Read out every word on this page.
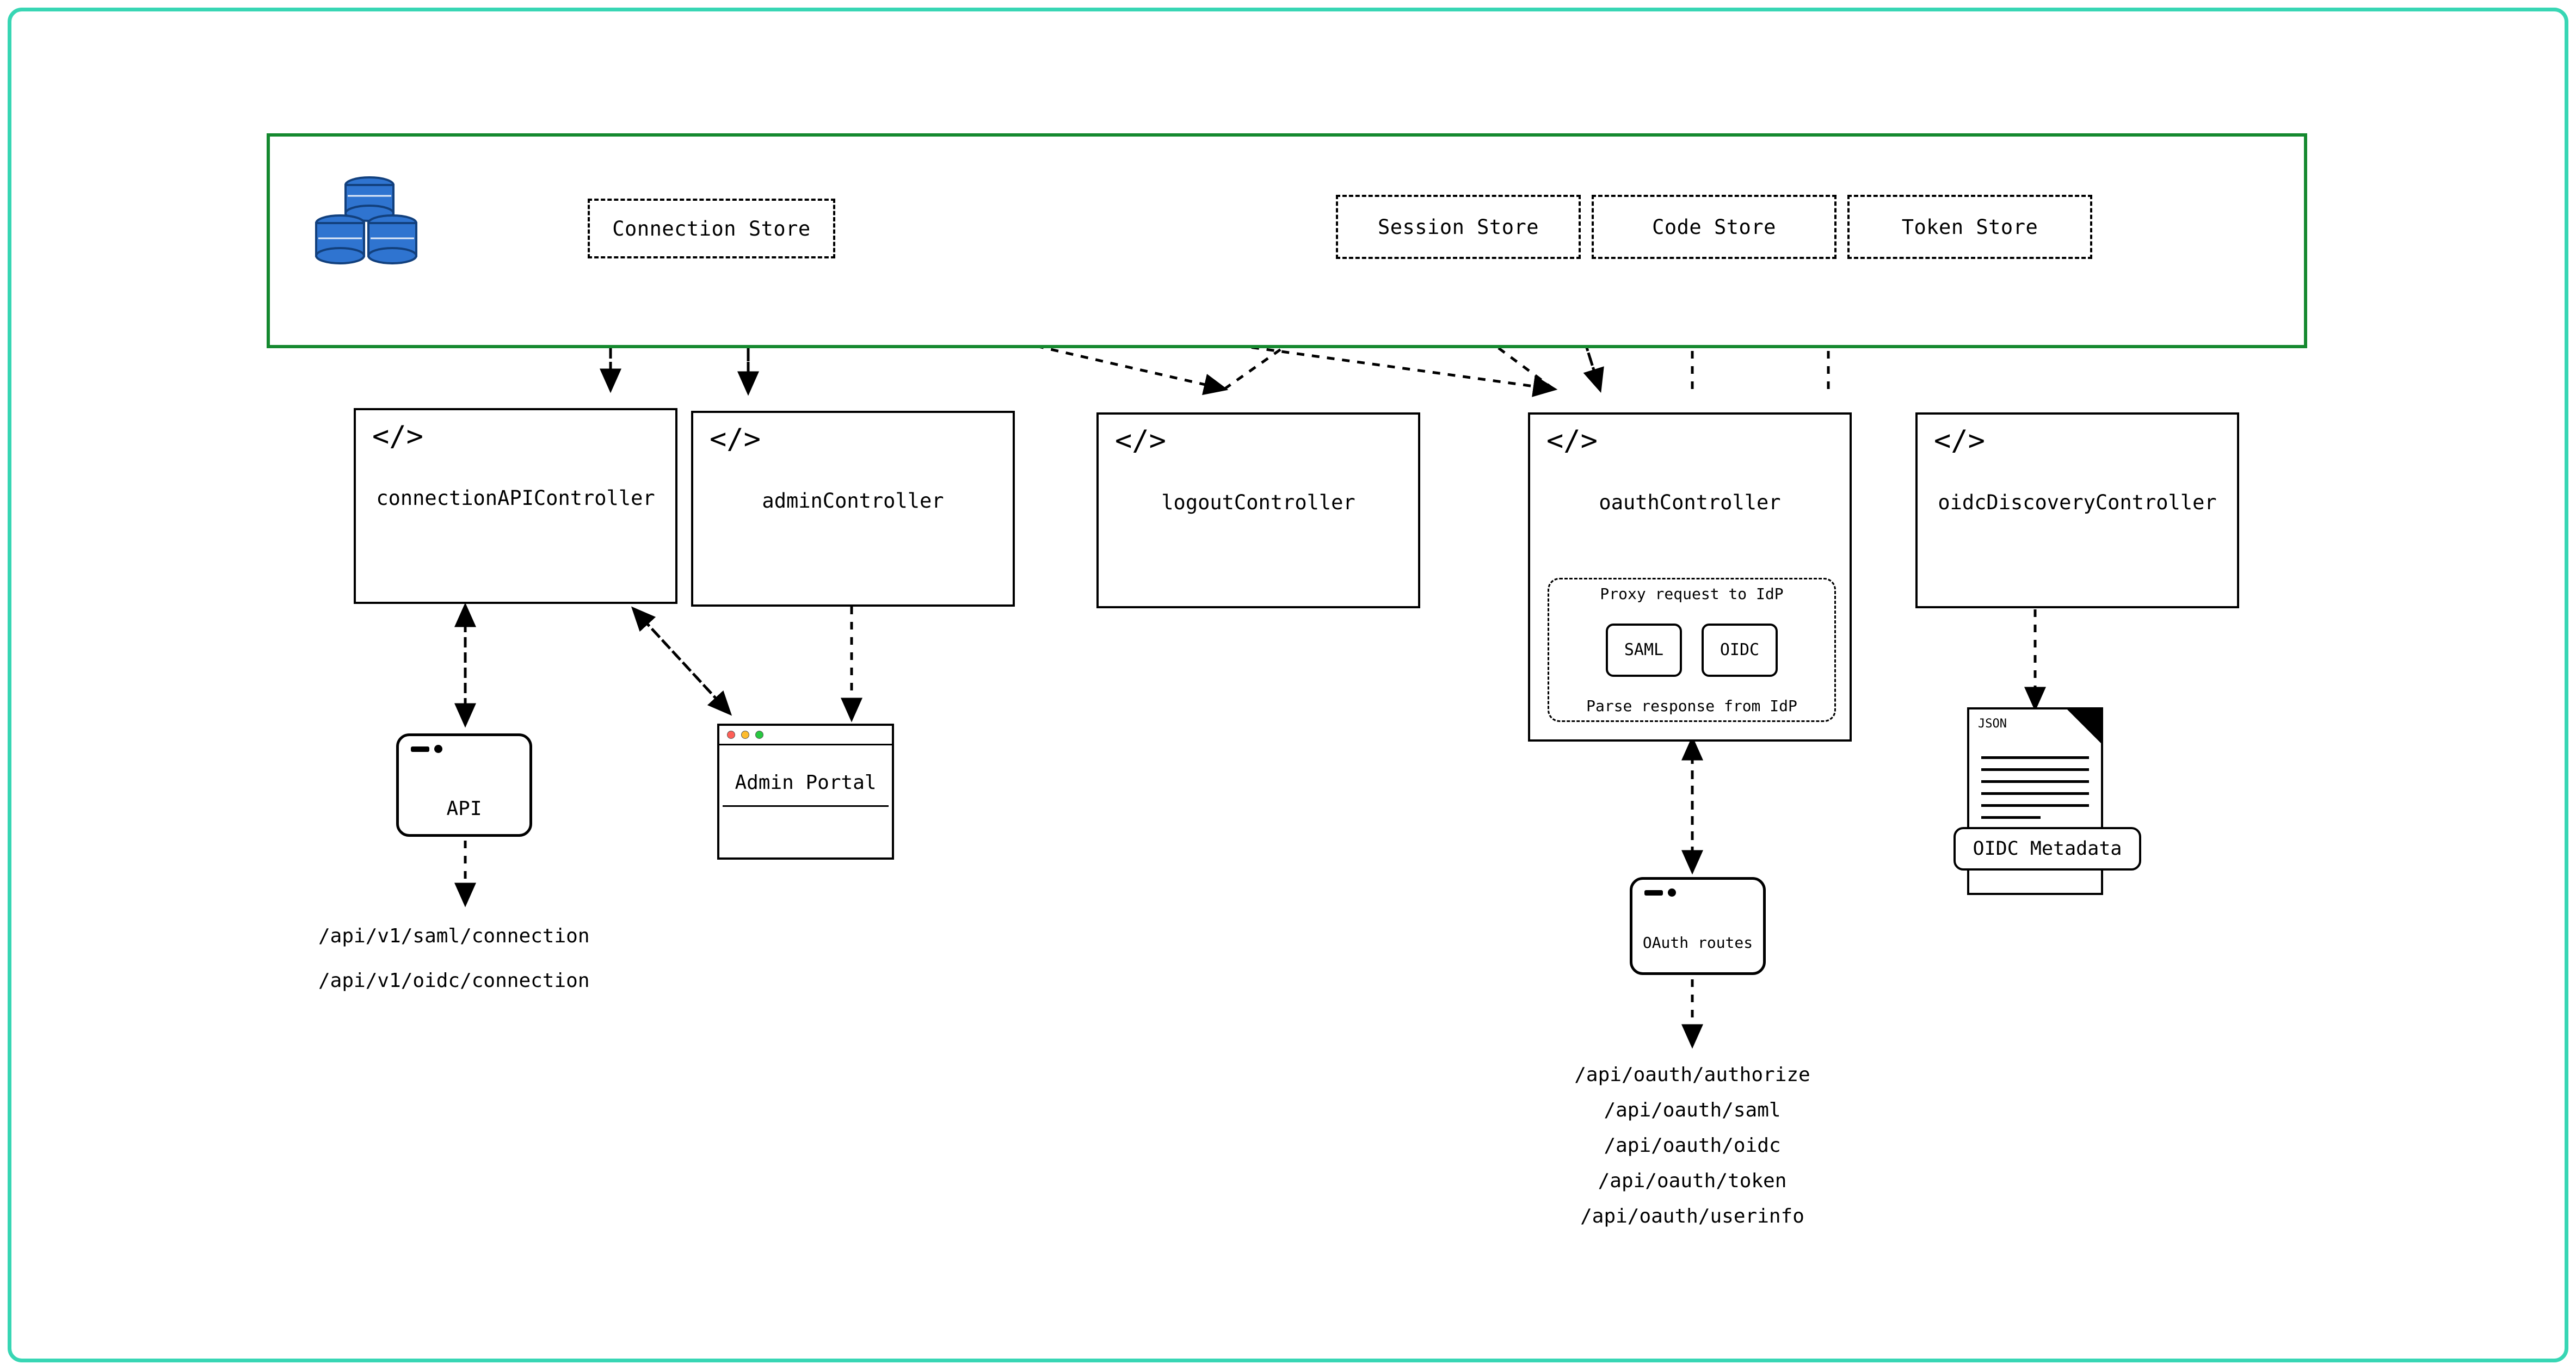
Connection Store	Session Store	Code Store	Token Store
</>
connectionAPIController
</>
adminController
</>
logoutController
</>
oauthController
Proxy request to IdP
SAML	OIDC
Parse response from IdP
</>
oidcDiscoveryController
API
/api/v1/saml/connection
/api/v1/oidc/connection
Admin Portal
OAuth routes
/api/oauth/authorize
/api/oauth/saml
/api/oauth/oidc
/api/oauth/token
/api/oauth/userinfo
JSON
OIDC Metadata
